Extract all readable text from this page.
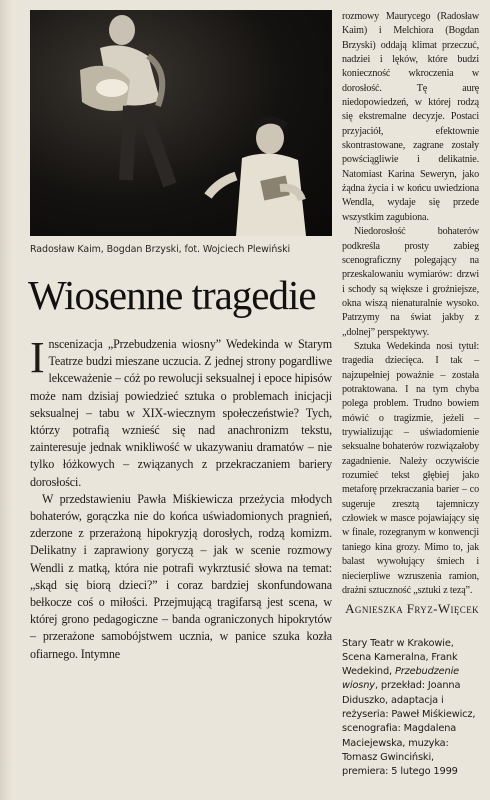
Radosław Kaim, Bogdan Brzyski, fot. Wojciech Plewiński
Wiosenne tragedie

Inscenizacja „Przebudzenia wiosny” Wedekinda w Starym Teatrze budzi mieszane uczucia. Z jednej strony pogardliwe lekceważenie – cóż po rewolucji seksualnej i epoce hipisów może nam dzisiaj powiedzieć sztuka o problemach inicjacji seksualnej – tabu w XIX-wiecznym społeczeństwie? Tych, którzy potrafią wznieść się nad anachronizm tekstu, zainteresuje jednak wnikliwość w ukazywaniu dramatów – nie tylko łóżkowych – związanych z przekraczaniem bariery dorosłości.

W przedstawieniu Pawła Miśkiewicza przeżycia młodych bohaterów, gorączka nie do końca uświadomionych pragnień, zderzone z przerażoną hipokryzją dorosłych, rodzą komizm. Delikatny i zaprawiony goryczą – jak w scenie rozmowy Wendli z matką, która nie potrafi wykrztusić słowa na temat: „skąd się biorą dzieci?” i coraz bardziej skonfundowana bełkocze coś o miłości. Przejmującą tragifarsą jest scena, w której grono pedagogiczne – banda ograniczonych hipokrytów – przerażone samobójstwem ucznia, w panice szuka kozła ofiarnego. Intymne

rozmowy Maurycego (Radosław Kaim) i Melchiora (Bogdan Brzyski) oddają klimat przeczuć, nadziei i lęków, które budzi konieczność wkroczenia w dorosłość. Tę aurę niedopowiedzeń, w której rodzą się ekstremalne decyzje. Postaci przyjaciół, efektownie skontrastowane, zagrane zostały powściągliwie i delikatnie. Natomiast Karina Seweryn, jako żądna życia i w końcu uwiedziona Wendla, wydaje się przede wszystkim zagubiona.

Niedorosłość bohaterów podkreśla prosty zabieg scenograficzny polegający na przeskalowaniu wymiarów: drzwi i schody są większe i groźniejsze, okna wiszą nienaturalnie wysoko. Patrzymy na świat jakby z „dolnej” perspektywy.

Sztuka Wedekinda nosi tytuł: tragedia dziecięca. I tak – najzupełniej poważnie – została potraktowana. I na tym chyba polega problem. Trudno bowiem mówić o tragizmie, jeżeli – trywializując – uświadomienie seksualne bohaterów rozwiązałoby zagadnienie. Należy oczywiście rozumieć tekst głębiej jako metaforę przekraczania barier – co sugeruje zresztą tajemniczy człowiek w masce pojawiający się w finale, rozegranym w konwencji taniego kina grozy. Mimo to, jak balast wywołujący śmiech i niecierpliwe wzruszenia ramion, drażni sztuczność „sztuki z tezą”.

Agnieszka Fryz-Więcek
Stary Teatr w Krakowie, Scena Kameralna, Frank Wedekind, Przebudzenie wiosny, przekład: Joanna Diduszko, adaptacja i reżyseria: Paweł Miśkiewicz, scenografia: Magdalena Maciejewska, muzyka: Tomasz Gwinciński, premiera: 5 lutego 1999
